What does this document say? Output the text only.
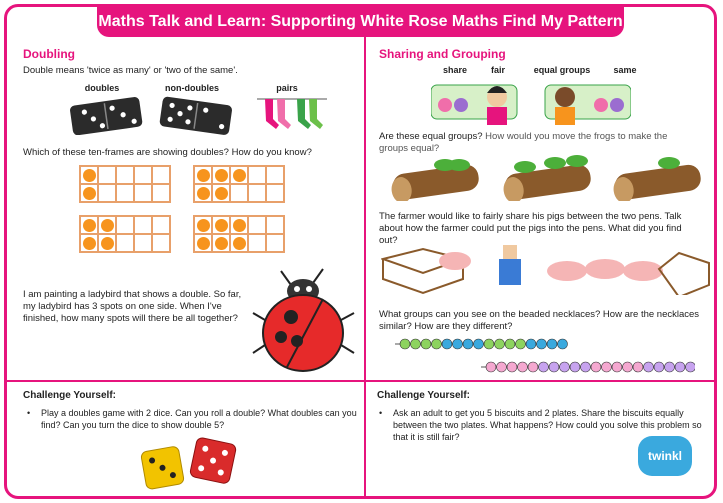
Maths Talk and Learn: Supporting White Rose Maths Find My Pattern
Doubling
Double means 'twice as many' or 'two of the same'.
doubles	non-doubles	pairs
Which of these ten-frames are showing doubles? How do you know?
I am painting a ladybird that shows a double. So far, my ladybird has 3 spots on one side. When I've finished, how many spots will there be all together?
Sharing and Grouping
share	fair	equal groups	same
Are these equal groups? How would you move the frogs to make the groups equal?
The farmer would like to fairly share his pigs between the two pens. Talk about how the farmer could put the pigs into the pens. What did you find out?
What groups can you see on the beaded necklaces? How are the necklaces similar? How are they different?
Challenge Yourself:
• Play a doubles game with 2 dice. Can you roll a double? What doubles can you find? Can you turn the dice to show double 5?
Challenge Yourself:
• Ask an adult to get you 5 biscuits and 2 plates. Share the biscuits equally between the two plates. What happens? How could you solve this problem so that it is still fair?
twinkl
